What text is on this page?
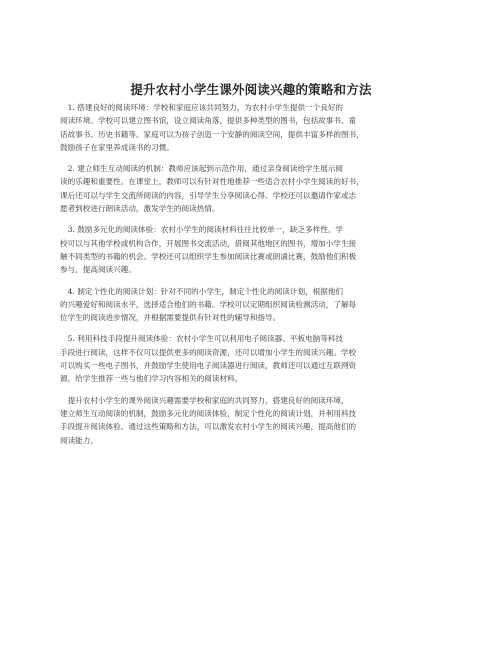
提升农村小学生课外阅读兴趣的策略和方法

　1. 搭建良好的阅读环境：学校和家庭应该共同努力，为农村小学生提供一个良好的
阅读环境。学校可以建立图书馆，设立阅读角落，提供多种类型的图书，包括故事书、童
话故事书、历史书籍等。家庭可以为孩子创造一个安静的阅读空间，提供丰富多样的图书，
鼓励孩子在家里养成读书的习惯。

　2. 建立师生互动阅读的机制：教师应该起到示范作用，通过亲身阅读给学生展示阅
读的乐趣和重要性。在课堂上，教师可以有针对性地推荐一些适合农村小学生阅读的好书，
课后还可以与学生交流所阅读的内容，引导学生分享阅读心得。学校还可以邀请作家或志
愿者到校进行朗读活动，激发学生的阅读热情。

　3. 鼓励多元化的阅读体验：农村小学生的阅读材料往往比较单一，缺乏多样性。学
校可以与其他学校或机构合作，开展图书交流活动，借阅其他地区的图书，增加小学生接
触不同类型的书籍的机会。学校还可以组织学生参加阅读比赛或朗诵比赛，鼓励他们积极
参与，提高阅读兴趣。

　4. 制定个性化的阅读计划：针对不同的小学生，制定个性化的阅读计划，根据他们
的兴趣爱好和阅读水平，选择适合他们的书籍。学校可以定期组织阅读检测活动，了解每
位学生的阅读进步情况，并根据需要提供有针对性的辅导和指导。

　5. 利用科技手段提升阅读体验：农村小学生可以利用电子阅读器、平板电脑等科技
手段进行阅读，这样不仅可以提供更多的阅读资源，还可以增加小学生的阅读兴趣。学校
可以购买一些电子图书，并鼓励学生使用电子阅读器进行阅读，教师还可以通过互联网资
源，给学生推荐一些与他们学习内容相关的阅读材料。

　提升农村小学生的课外阅读兴趣需要学校和家庭的共同努力，搭建良好的阅读环境，
建立师生互动阅读的机制，鼓励多元化的阅读体验，制定个性化的阅读计划，并利用科技
手段提升阅读体验。通过这些策略和方法，可以激发农村小学生的阅读兴趣，提高他们的
阅读能力。
